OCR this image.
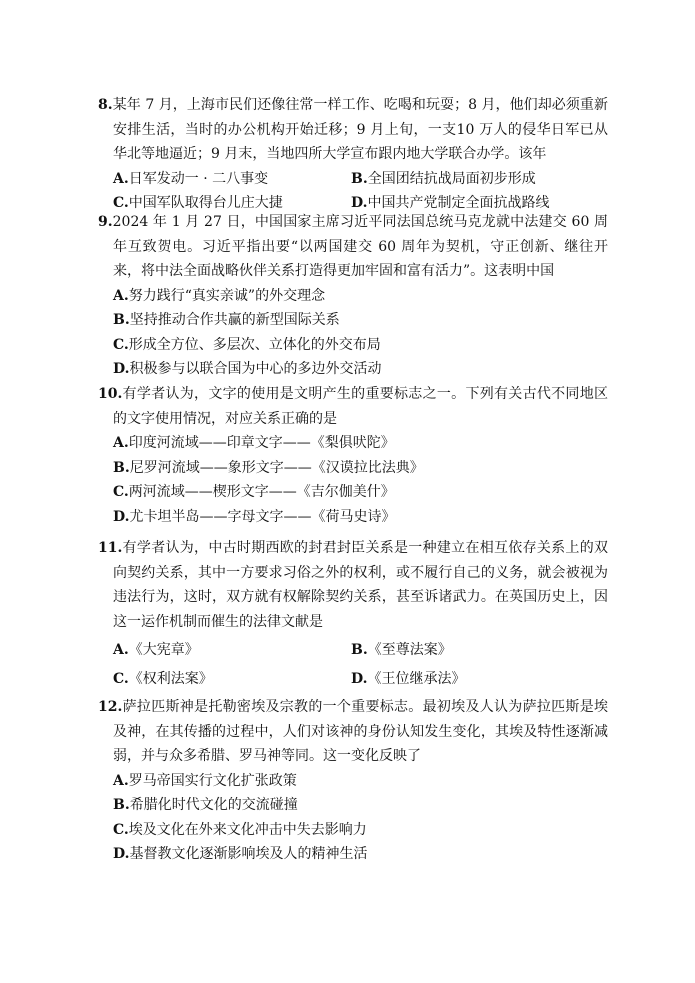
8.某年 7 月，上海市民们还像往常一样工作、吃喝和玩耍；8 月，他们却必须重新安排生活，当时的办公机构开始迁移；9 月上旬，一支10 万人的侵华日军已从华北等地逼近；9 月末，当地四所大学宣布跟内地大学联合办学。该年
A.日军发动一 · 二八事变	B.全国团结抗战局面初步形成
C.中国军队取得台儿庄大捷	D.中国共产党制定全面抗战路线
9.2024 年 1 月 27 日，中国国家主席习近平同法国总统马克龙就中法建交 60 周年互致贺电。习近平指出要“以两国建交 60 周年为契机，守正创新、继往开来，将中法全面战略伙伴关系打造得更加牢固和富有活力”。这表明中国
A.努力践行“真实亲诚”的外交理念
B.坚持推动合作共赢的新型国际关系
C.形成全方位、多层次、立体化的外交布局
D.积极参与以联合国为中心的多边外交活动
10.有学者认为，文字的使用是文明产生的重要标志之一。下列有关古代不同地区的文字使用情况，对应关系正确的是
A.印度河流域——印章文字——《梨俱吠陀》
B.尼罗河流域——象形文字——《汉谟拉比法典》
C.两河流域——楔形文字——《吉尔伽美什》
D.尤卡坦半岛——字母文字——《荷马史诗》
11.有学者认为，中古时期西欧的封君封臣关系是一种建立在相互依存关系上的双向契约关系，其中一方要求习俗之外的权利，或不履行自己的义务，就会被视为违法行为，这时，双方就有权解除契约关系，甚至诉诸武力。在英国历史上，因这一运作机制而催生的法律文献是
A.《大宪章》	B.《至尊法案》
C.《权利法案》	D.《王位继承法》
12.萨拉匹斯神是托勒密埃及宗教的一个重要标志。最初埃及人认为萨拉匹斯是埃及神，在其传播的过程中，人们对该神的身份认知发生变化，其埃及特性逐渐减弱，并与众多希腊、罗马神等同。这一变化反映了
A.罗马帝国实行文化扩张政策
B.希腊化时代文化的交流碰撞
C.埃及文化在外来文化冲击中失去影响力
D.基督教文化逐渐影响埃及人的精神生活
